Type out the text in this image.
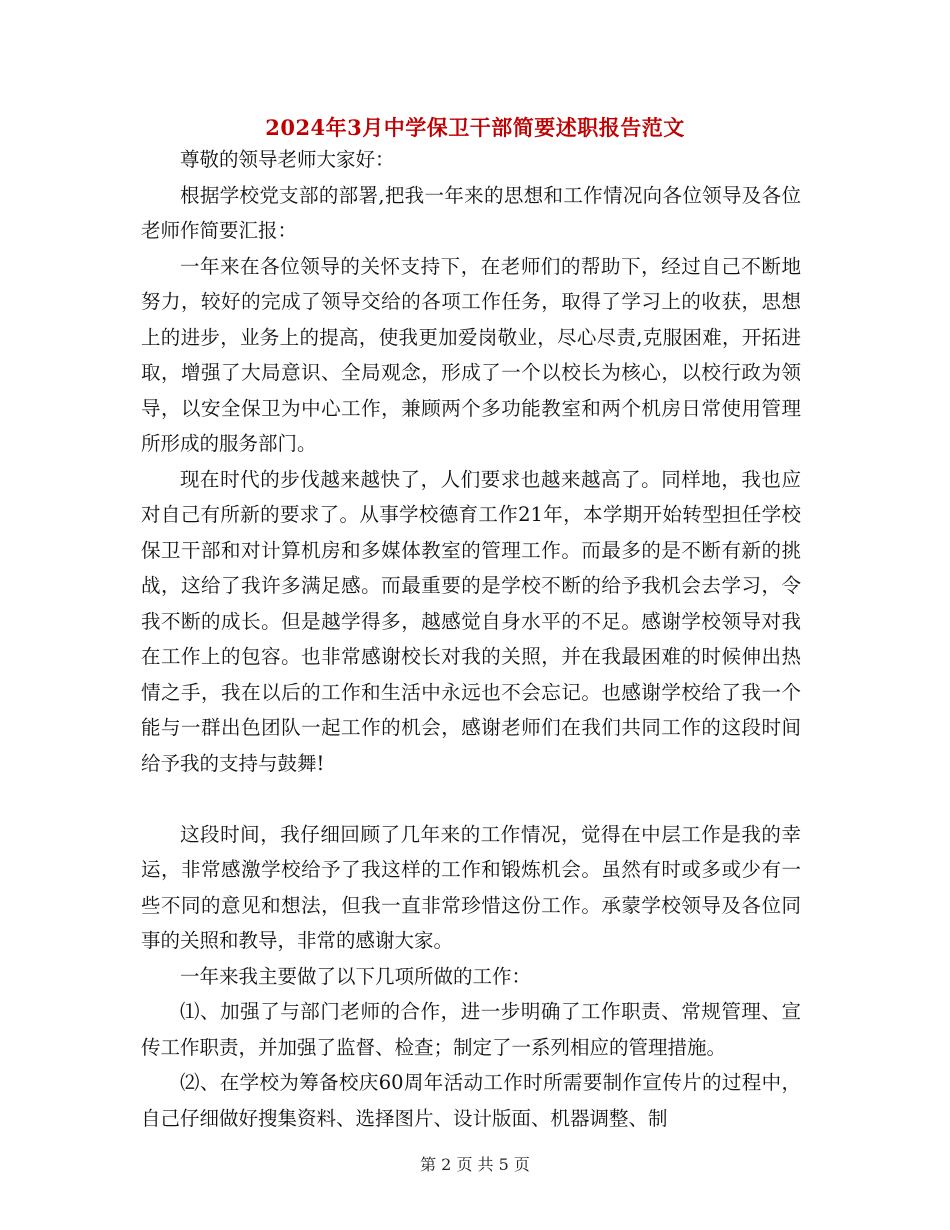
2024年3月中学保卫干部简要述职报告范文

尊敬的领导老师大家好：

根据学校党支部的部署,把我一年来的思想和工作情况向各位领导及各位老师作简要汇报：

一年来在各位领导的关怀支持下，在老师们的帮助下，经过自己不断地努力，较好的完成了领导交给的各项工作任务，取得了学习上的收获，思想上的进步，业务上的提高，使我更加爱岗敬业，尽心尽责,克服困难，开拓进取，增强了大局意识、全局观念，形成了一个以校长为核心，以校行政为领导，以安全保卫为中心工作，兼顾两个多功能教室和两个机房日常使用管理所形成的服务部门。

现在时代的步伐越来越快了，人们要求也越来越高了。同样地，我也应对自己有所新的要求了。从事学校德育工作21年，本学期开始转型担任学校保卫干部和对计算机房和多媒体教室的管理工作。而最多的是不断有新的挑战，这给了我许多满足感。而最重要的是学校不断的给予我机会去学习，令我不断的成长。但是越学得多，越感觉自身水平的不足。感谢学校领导对我在工作上的包容。也非常感谢校长对我的关照，并在我最困难的时候伸出热情之手，我在以后的工作和生活中永远也不会忘记。也感谢学校给了我一个能与一群出色团队一起工作的机会，感谢老师们在我们共同工作的这段时间给予我的支持与鼓舞!

这段时间，我仔细回顾了几年来的工作情况，觉得在中层工作是我的幸运，非常感激学校给予了我这样的工作和锻炼机会。虽然有时或多或少有一些不同的意见和想法，但我一直非常珍惜这份工作。承蒙学校领导及各位同事的关照和教导，非常的感谢大家。

一年来我主要做了以下几项所做的工作：

⑴、加强了与部门老师的合作，进一步明确了工作职责、常规管理、宣传工作职责，并加强了监督、检查；制定了一系列相应的管理措施。

⑵、在学校为筹备校庆60周年活动工作时所需要制作宣传片的过程中，自己仔细做好搜集资料、选择图片、设计版面、机器调整、制

第 2 页 共 5 页
